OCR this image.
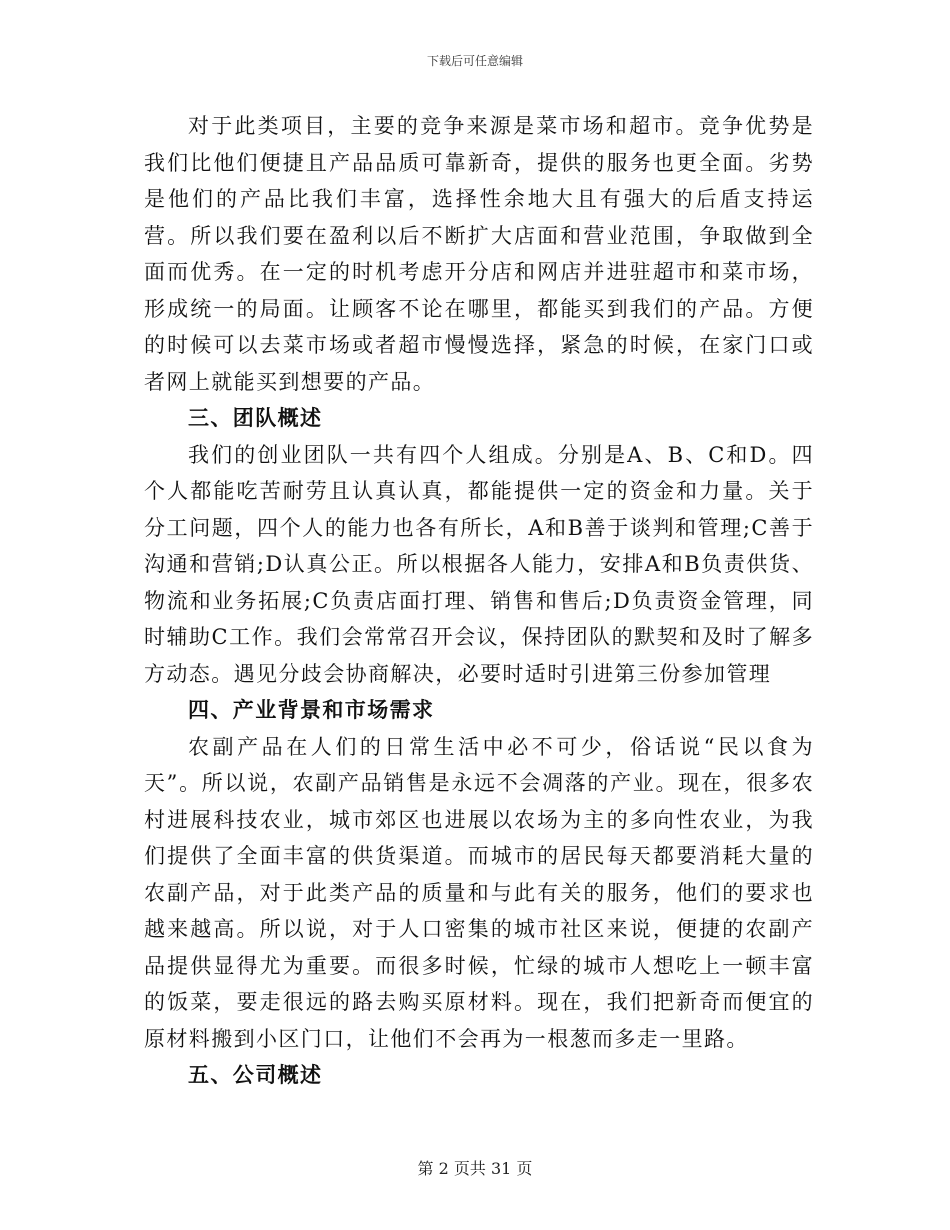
下载后可任意编辑

对于此类项目，主要的竞争来源是菜市场和超市。竞争优势是我们比他们便捷且产品品质可靠新奇，提供的服务也更全面。劣势是他们的产品比我们丰富，选择性余地大且有强大的后盾支持运营。所以我们要在盈利以后不断扩大店面和营业范围，争取做到全面而优秀。在一定的时机考虑开分店和网店并进驻超市和菜市场，形成统一的局面。让顾客不论在哪里，都能买到我们的产品。方便的时候可以去菜市场或者超市慢慢选择，紧急的时候，在家门口或者网上就能买到想要的产品。

三、团队概述

我们的创业团队一共有四个人组成。分别是A、B、C和D。四个人都能吃苦耐劳且认真认真，都能提供一定的资金和力量。关于分工问题，四个人的能力也各有所长，A和B善于谈判和管理;C善于沟通和营销;D认真公正。所以根据各人能力，安排A和B负责供货、物流和业务拓展;C负责店面打理、销售和售后;D负责资金管理，同时辅助C工作。我们会常常召开会议，保持团队的默契和及时了解多方动态。遇见分歧会协商解决，必要时适时引进第三份参加管理

四、产业背景和市场需求

农副产品在人们的日常生活中必不可少，俗话说“民以食为天”。所以说，农副产品销售是永远不会凋落的产业。现在，很多农村进展科技农业，城市郊区也进展以农场为主的多向性农业，为我们提供了全面丰富的供货渠道。而城市的居民每天都要消耗大量的农副产品，对于此类产品的质量和与此有关的服务，他们的要求也越来越高。所以说，对于人口密集的城市社区来说，便捷的农副产品提供显得尤为重要。而很多时候，忙绿的城市人想吃上一顿丰富的饭菜，要走很远的路去购买原材料。现在，我们把新奇而便宜的原材料搬到小区门口，让他们不会再为一根葱而多走一里路。

五、公司概述
第 2 页共 31 页
